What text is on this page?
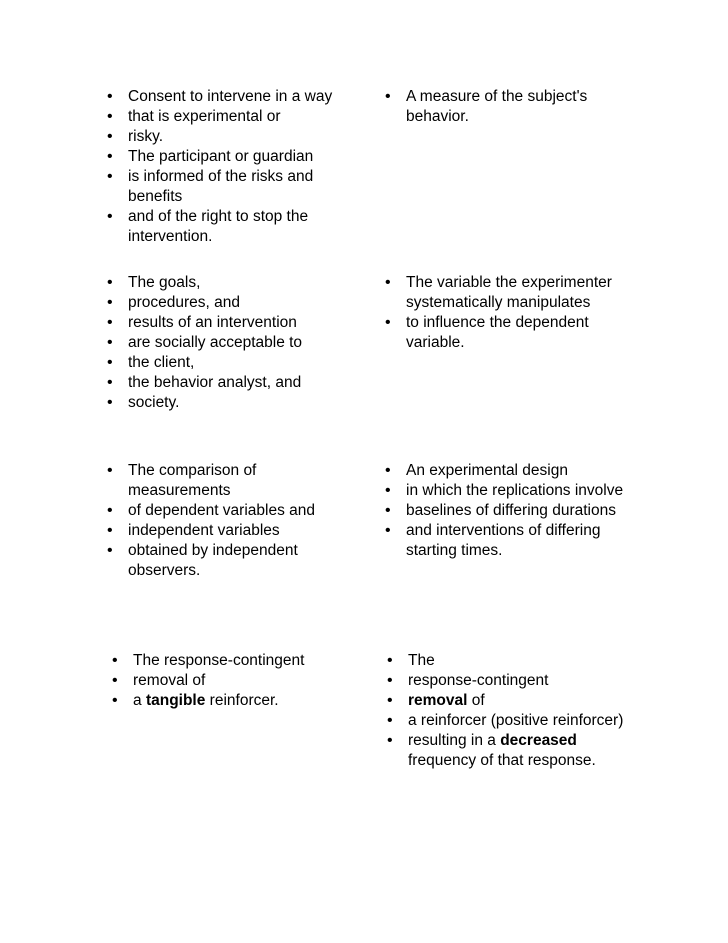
• Consent to intervene in a way
• that is experimental or
• risky.
• The participant or guardian
• is informed of the risks and benefits
• and of the right to stop the intervention.
• A measure of the subject's behavior.
• The goals,
• procedures, and
• results of an intervention
• are socially acceptable to
• the client,
• the behavior analyst, and
• society.
• The variable the experimenter systematically manipulates
• to influence the dependent variable.
• The comparison of measurements
• of dependent variables and
• independent variables
• obtained by independent observers.
• An experimental design
• in which the replications involve
• baselines of differing durations
• and interventions of differing starting times.
• The response-contingent
• removal of
• a tangible reinforcer.
• The
• response-contingent
• removal of
• a reinforcer (positive reinforcer)
• resulting in a decreased frequency of that response.
